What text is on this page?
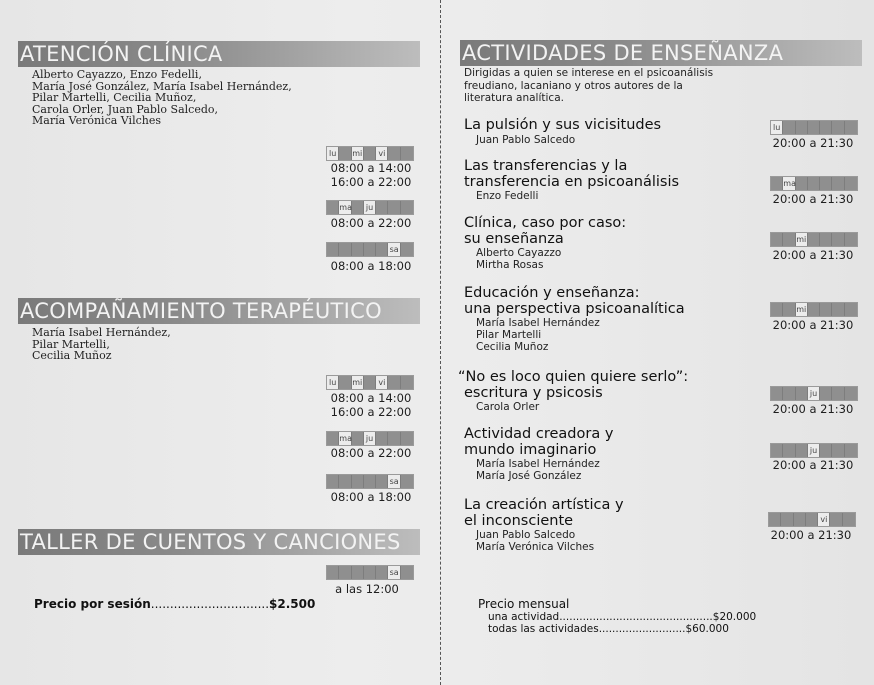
ATENCIÓN CLÍNICA
Alberto Cayazzo, Enzo Fedelli,
María José González, María Isabel Hernández,
Pilar Martelli, Cecilia Muñoz,
Carola Orler, Juan Pablo Salcedo,
María Verónica Vilches
lu	mi vi
08:00 a 14:00
16:00 a 22:00
ma ju
08:00 a 22:00
sa
08:00 a 18:00
ACOMPAÑAMIENTO TERAPÉUTICO
María Isabel Hernández,
Pilar Martelli,
Cecilia Muñoz
lu	mi vi
08:00 a 14:00
16:00 a 22:00
ma ju
08:00 a 22:00
sa
08:00 a 18:00
TALLER DE CUENTOS Y CANCIONES
sa
a las 12:00
Precio por sesión...............................$2.500
ACTIVIDADES DE ENSEÑANZA
Dirigidas a quien se interese en el psicoanálisis
freudiano, lacaniano y otros autores de la
literatura analítica.
La pulsión y sus vicisitudes
Juan Pablo Salcedo
lu
20:00 a 21:30
Las transferencias y la
transferencia en psicoanálisis
Enzo Fedelli
ma
20:00 a 21:30
Clínica, caso por caso:
su enseñanza
Alberto Cayazzo
Mirtha Rosas
mi
20:00 a 21:30
Educación y enseñanza:
una perspectiva psicoanalítica
María Isabel Hernández
Pilar Martelli
Cecilia Muñoz
mi
20:00 a 21:30
“No es loco quien quiere serlo”:
escritura y psicosis
Carola Orler
ju
20:00 a 21:30
Actividad creadora y
mundo imaginario
María Isabel Hernández
María José González
ju
20:00 a 21:30
La creación artística y
el inconsciente
Juan Pablo Salcedo
María Verónica Vilches
vi
20:00 a 21:30
Precio mensual
una actividad..............................................$20.000
todas las actividades..........................$60.000
